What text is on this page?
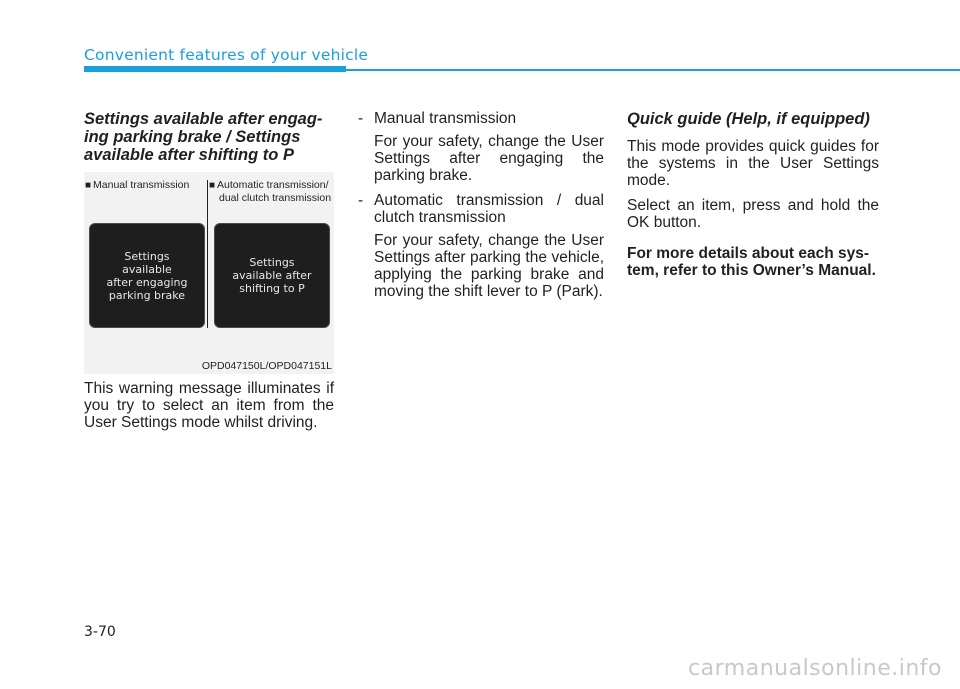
Convenient features of your vehicle

Settings available after engag-ing parking brake / Settings available after shifting to P

■ Manual transmission ■ Automatic transmission/
dual clutch transmission
Settings
available
after engaging
parking brake
Settings
available after
shifting to P
OPD047150L/OPD047151L

This warning message illuminates if you try to select an item from the User Settings mode whilst driving.

- Manual transmission

For your safety, change the User Settings after engaging the parking brake.

- Automatic transmission / dual clutch transmission

For your safety, change the User Settings after parking the vehicle, applying the parking brake and moving the shift lever to P (Park).

Quick guide (Help, if equipped)

This mode provides quick guides for the systems in the User Settings mode.

Select an item, press and hold the OK button.

For more details about each sys-tem, refer to this Owner’s Manual.

3-70
carmanualsonline.info
